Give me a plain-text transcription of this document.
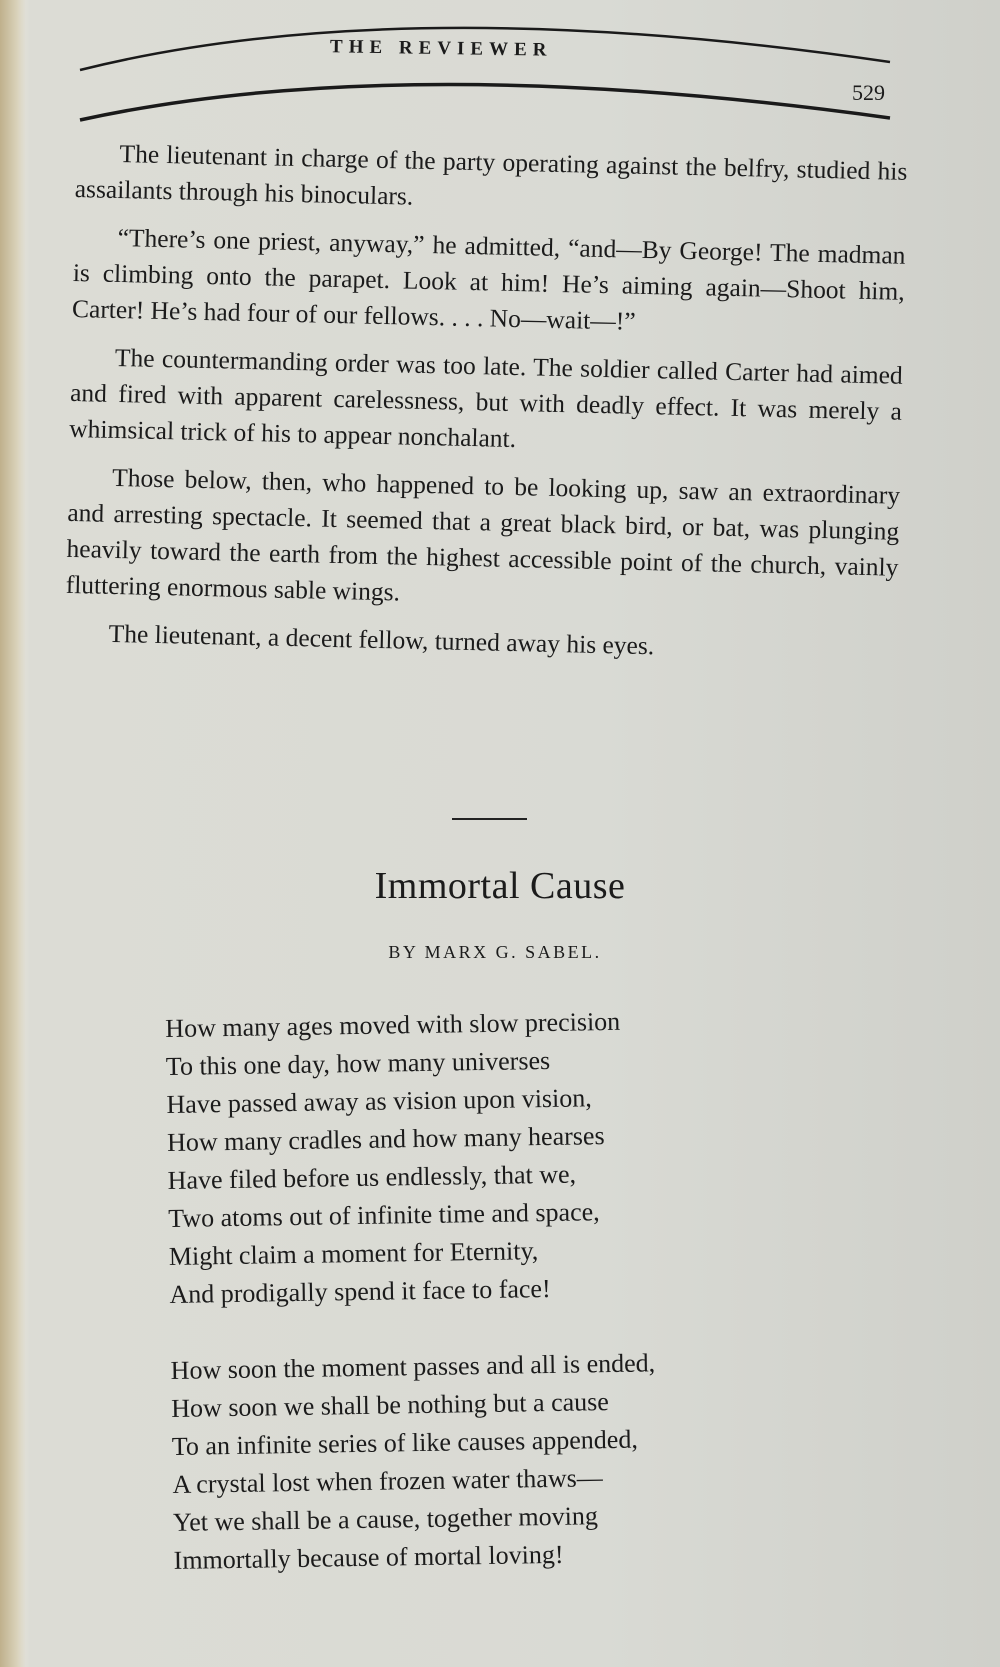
THE REVIEWER
529

The lieutenant in charge of the party operating against the belfry, studied his assailants through his binoculars.

“There’s one priest, anyway,” he admitted, “and—By George! The madman is climbing onto the parapet. Look at him! He’s aiming again—Shoot him, Carter! He’s had four of our fellows. . . . No—wait—!”

The countermanding order was too late. The soldier called Carter had aimed and fired with apparent carelessness, but with deadly effect. It was merely a whimsical trick of his to appear nonchalant.

Those below, then, who happened to be looking up, saw an extraordinary and arresting spectacle. It seemed that a great black bird, or bat, was plunging heavily toward the earth from the highest accessible point of the church, vainly fluttering enormous sable wings.

The lieutenant, a decent fellow, turned away his eyes.

Immortal Cause
BY MARX G. SABEL.
How many ages moved with slow precision
To this one day, how many universes
Have passed away as vision upon vision,
How many cradles and how many hearses
Have filed before us endlessly, that we,
Two atoms out of infinite time and space,
Might claim a moment for Eternity,
And prodigally spend it face to face!
How soon the moment passes and all is ended,
How soon we shall be nothing but a cause
To an infinite series of like causes appended,
A crystal lost when frozen water thaws—
Yet we shall be a cause, together moving
Immortally because of mortal loving!
